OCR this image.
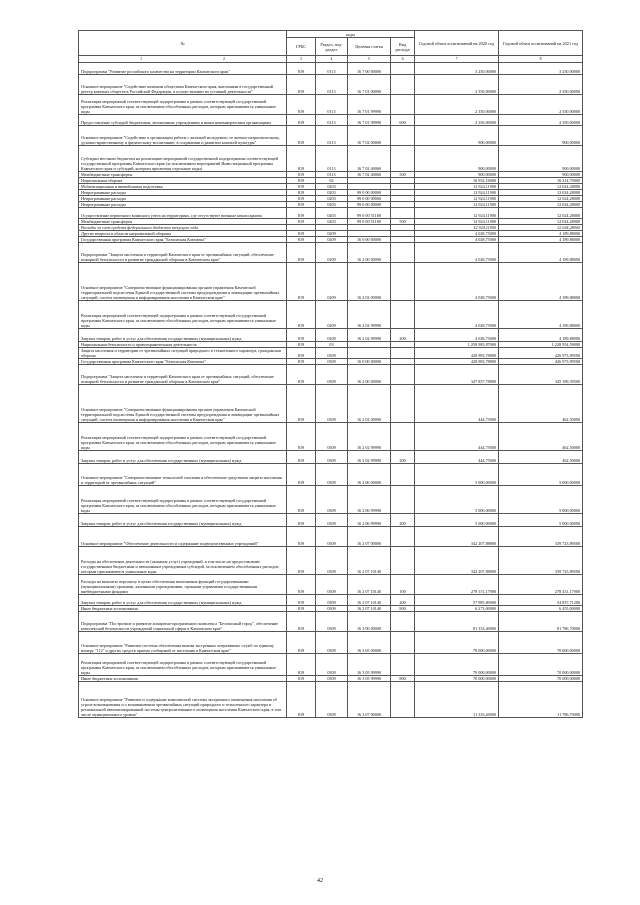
№	коды				Годовой объем ассигнований на 2020 год	Годовой объем ассигнований на 2021 год
	ГРБС	Раздел, под-раздел	Целевая статья	Вид расхода		
1 2	3	4	5	6	7	8
Подпрограмма "Развитие российского казачества на территории Камчатского края"	819	0113	16 7 00 00000		3 250,00000	3 250,00000
Основное мероприятие "Содействие казачьим обществам Камчатского края, внесенным в государственный реестр казачьих обществ в Российской Федерации, в осуществлении их уставной деятельности"	819	0113	16 7 01 00000		2 350,00000	2 350,00000
Реализация мероприятий соответствующей подпрограммы в рамках соответствующей государственной программы Камчатского края, за исключением обособленных расходов, которым присваиваются уникальные коды	819	0113	16 7 01 99990		2 350,00000	2 350,00000
Предоставление субсидий бюджетным, автономным учреждениям и иным некоммерческим организациям	819	0113	16 7 01 99990	600	2 350,00000	2 350,00000
Основное мероприятие "Содействие в организации работы с казачьей молодежью, ее военно-патриотическому, духовно-нравственному и физическому воспитанию, в сохранении и развитии казачьей культуры"	819	0113	16 7 02 00000		900,00000	900,00000
Субсидии местным бюджетам на реализацию мероприятий государственной подпрограммы соответствующей государственной программы Камчатского края (за исключением мероприятий Инвестиционной программы Камчатского края и субсидий, которым присвоены отдельные коды)	819	0113	16 7 02 40060		900,00000	900,00000
Межбюджетные трансферты	819	0113	16 7 02 40060	500	900,00000	900,00000
Национальная оборона	819	02			16 952,16900	16 214,79000
Мобилизационная и вневойсковая подготовка	819	0203			12 924,11900	12 024,28000
Непрограммные расходы	819	0203	99 0 00 00000		12 924,11900	12 024,28000
Непрограммные расходы	819	0203	99 0 00 00000		12 924,11900	12 024,28000
Непрограммные расходы	819	0203	99 0 00 00000		12 924,11900	12 024,28000
Осуществление первичного воинского учета на территориях, где отсутствуют военные комиссариаты	819	0203	99 0 00 51180		12 924,11900	12 024,28000
Межбюджетные трансферты	819	0203	99 0 00 51180	500	12 924,11900	12 024,28000
Расходы за счет средств федерального бюджета текущего года					12 924,11900	12 024,28000
Другие вопросы в области национальной обороны	819	0209			4 028,75000	4 189,88000
Государственная программа Камчатского края "Безопасная Камчатка"	819	0209	16 0 00 00000		4 028,75000	4 189,88000
Подпрограмма "Защита населения и территорий Камчатского края от чрезвычайных ситуаций, обеспечение пожарной безопасности и развитие гражданской обороны в Камчатском крае"	819	0209	16 2 00 00000		4 028,75000	4 189,88000
Основное мероприятие "Совершенствование функционирования органов управления Камчатской территориальной подсистемы Единой государственной системы предупреждения и ликвидации чрезвычайных ситуаций, систем оповещения и информирования населения в Камчатском крае"	819	0209	16 2 02 00000		4 028,75000	4 189,88000
Реализация мероприятий соответствующей подпрограммы в рамках соответствующей государственной программы Камчатского края, за исключением обособленных расходов, которым присваиваются уникальные коды	819	0209	16 2 02 99990		4 028,75000	4 189,88000
Закупка товаров, работ и услуг для обеспечения государственных (муниципальных) нужд	819	0209	16 2 02 99990	200	4 028,75000	4 189,88000
Национальная безопасность и правоохранительная деятельность	819	03			1 258 983,87000	1 228 954,59000
Защита населения и территории от чрезвычайных ситуаций природного и техногенного характера, гражданская оборона	819	0309			428 983,78800	426 973,99500
Государственная программа Камчатского края "Безопасная Камчатка"	819	0309	16 0 00 00000		428 983,78800	426 973,99500
Подпрограмма "Защита населения и территорий Камчатского края от чрезвычайных ситуаций, обеспечение пожарной безопасности и развитие гражданской обороны в Камчатском крае"	819	0309	16 2 00 00000		347 857,78800	345 189,39500
Основное мероприятие "Совершенствование функционирования органов управления Камчатской территориальной подсистемы Единой государственной системы предупреждения и ликвидации чрезвычайных ситуаций, систем оповещения и информирования населения в Камчатском крае"	819	0309	16 2 02 00000		444,75000	462,50000
Реализация мероприятий соответствующей подпрограммы в рамках соответствующей государственной программы Камчатского края, за исключением обособленных расходов, которым присваиваются уникальные коды	819	0309	16 2 02 99990		444,75000	462,50000
Закупка товаров, работ и услуг для обеспечения государственных (муниципальных) нужд	819	0309	16 2 02 99990	200	444,75000	462,50000
Основное мероприятие "Совершенствование технологий спасения и обеспечение средствами защиты населения и территорий от чрезвычайных ситуаций"	819	0309	16 2 06 00000		5 000,00000	5 000,00000
Реализация мероприятий соответствующей подпрограммы в рамках соответствующей государственной программы Камчатского края, за исключением обособленных расходов, которым присваиваются уникальные коды	819	0309	16 2 06 99990		5 000,00000	5 000,00000
Закупка товаров, работ и услуг для обеспечения государственных (муниципальных) нужд	819	0309	16 2 06 99990	200	5 000,00000	5 000,00000
Основное мероприятие "Обеспечение деятельности и содержание подведомственных учреждений"	819	0309	16 2 07 00000		342 207,88800	339 723,89500
Расходы на обеспечение деятельности (оказание услуг) учреждений, в том числе на предоставление государственным бюджетным и автономным учреждениям субсидий, за исключением обособленных расходов, которым присваиваются уникальные коды	819	0309	16 2 07 10140		342 207,88800	339 723,89500
Расходы на выплаты персоналу в целях обеспечения выполнения функций государственными (муниципальными) органами, казенными учреждениями, органами управления государственными внебюджетными фондами	819	0309	16 2 07 10140	100	278 151,17900	278 431,17900
Закупка товаров, работ и услуг для обеспечения государственных (муниципальных) нужд	819	0309	16 2 07 10140	200	57 985,80900	54 837,71200
Иные бюджетные ассигнования	819	0309	16 2 07 10140	800	6 273,00000	6 455,00000
Подпрограмма "Построение и развитие аппаратно-программного комплекса "Безопасный город", обеспечение комплексной безопасности учреждений социальной сферы в Камчатском крае"	819	0309	16 3 00 00000		81 333,40000	81 786,70000
Основное мероприятие "Развитие системы обеспечения вызова экстренных оперативных служб по единому номеру "112" и других средств приема сообщений от населения в Камчатском крае"	819	0309	16 3 05 00000		70 000,00000	70 000,00000
Реализация мероприятий соответствующей подпрограммы в рамках соответствующей государственной программы Камчатского края, за исключением обособленных расходов, которым присваиваются уникальные коды	819	0309	16 3 05 99990		70 000,00000	70 000,00000
Иные бюджетные ассигнования	819	0309	16 3 05 99990	800	70 000,00000	70 000,00000
Основное мероприятие "Развитие и содержание комплексной системы экстренного оповещения населения об угрозе возникновения и о возникновении чрезвычайных ситуаций природного и техногенного характера и региональной автоматизированной системы централизованного оповещения населения Камчатского края, в том числе муниципального уровня"	819	0309	16 3 07 00000		11 333,40000	11 786,70000
42
